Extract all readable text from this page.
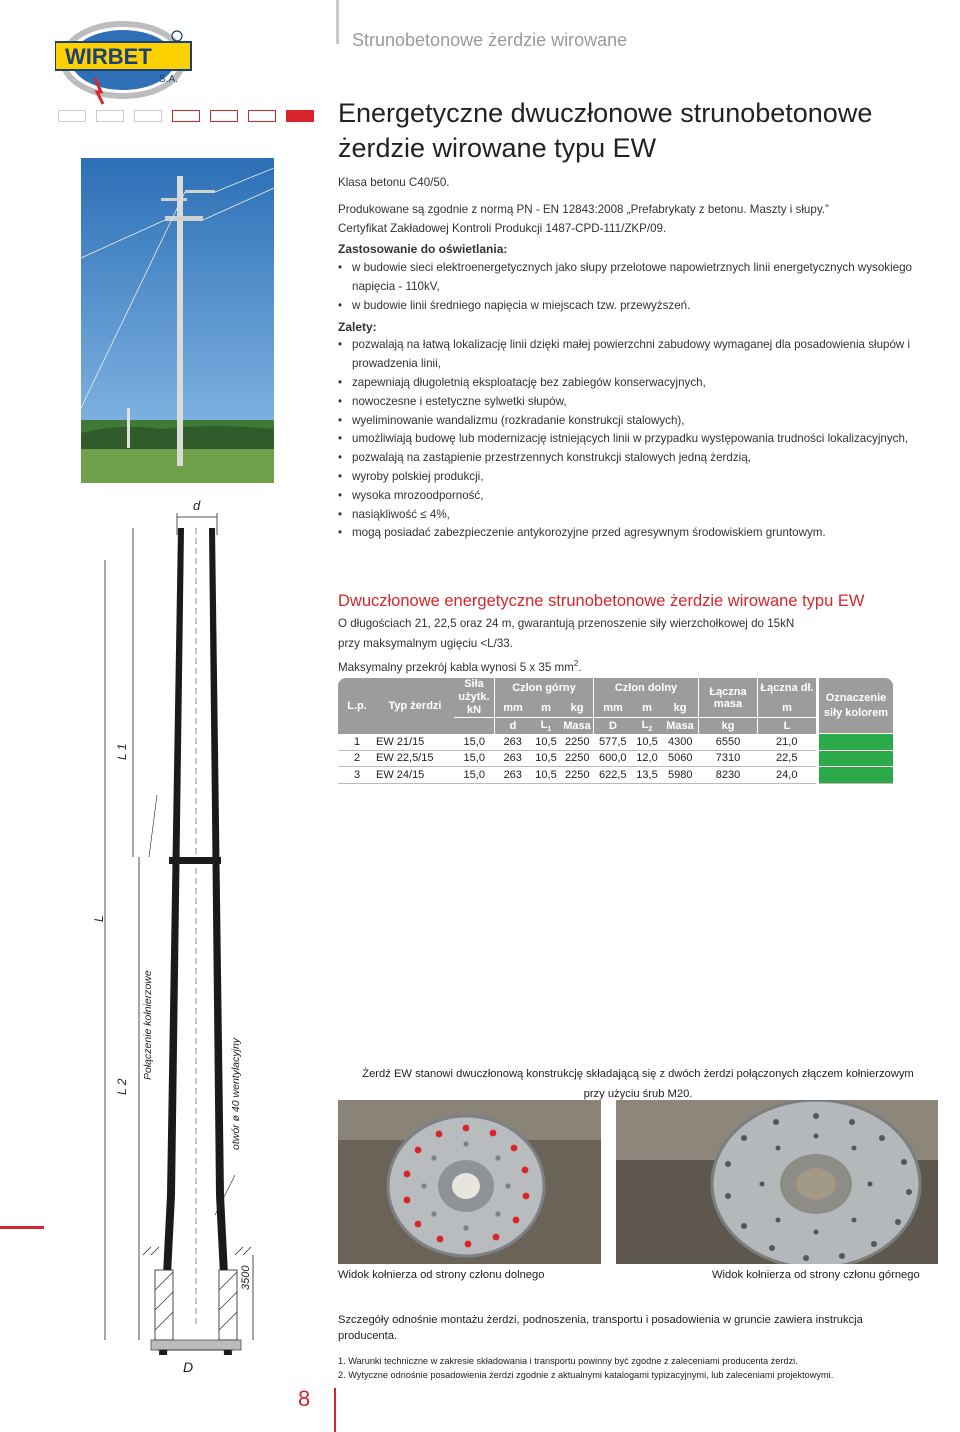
Strunobetonowe żerdzie wirowane
WIRBET
S.A.
Energetyczne dwuczłonowe strunobetonowe
żerdzie wirowane typu EW
Klasa betonu C40/50.
Produkowane są zgodnie z normą PN - EN 12843:2008 „Prefabrykaty z betonu. Maszty i słupy.”
Certyfikat Zakładowej Kontroli Produkcji 1487-CPD-111/ZKP/09.
Zastosowanie do oświetlania:
• w budowie sieci elektroenergetycznych jako słupy przelotowe napowietrznych linii energetycznych wysokiego napięcia - 110kV,
• w budowie linii średniego napięcia w miejscach tzw. przewyższeń.
Zalety:
• pozwalają na łatwą lokalizację linii dzięki małej powierzchni zabudowy wymaganej dla posadowienia słupów i prowadzenia linii,
• zapewniają długoletnią eksploatację bez zabiegów konserwacyjnych,
• nowoczesne i estetyczne sylwetki słupów,
• wyeliminowanie wandalizmu (rozkradanie konstrukcji stalowych),
• umożliwiają budowę lub modernizację istniejących linii w przypadku występowania trudności lokalizacyjnych,
• pozwalają na zastąpienie przestrzennych konstrukcji stalowych jedną żerdzią,
• wyroby polskiej produkcji,
• wysoka mrozoodporność,
• nasiąkliwość ≤ 4%,
• mogą posiadać zabezpieczenie antykorozyjne przed agresywnym środowiskiem gruntowym.
d
D
L 1
L
L 2
Połączenie kołnierzowe
otwór ø 40 wentylacyjny
3500
Dwuczłonowe energetyczne strunobetonowe żerdzie wirowane typu EW
O długościach 21, 22,5 oraz 24 m, gwarantują przenoszenie siły wierzchołkowej do 15kN
przy maksymalnym ugięciu <L/33.
Maksymalny przekrój kabla wynosi 5 x 35 $mm^2$.
L.p.	Typ żerdzi	Siła użytk. kN	Człon górny			Człon dolny			Łączna masa	Łączna dł.	Oznaczenie siły kolorem
			mm	m	kg	mm	m	kg		m	
			d	$L_1$	Masa	D	$L_2$	Masa	kg	L	
1	EW 21/15	15,0	263	10,5	2250	577,5	10,5	4300	6550	21,0	
2	EW 22,5/15	15,0	263	10,5	2250	600,0	12,0	5060	7310	22,5	
3	EW 24/15	15,0	263	10,5	2250	622,5	13,5	5980	8230	24,0	
Żerdź EW stanowi dwuczłonową konstrukcję składającą się z dwóch żerdzi połączonych złączem kołnierzowym
przy użyciu śrub M20.
Widok kołnierza od strony członu dolnego	Widok kołnierza od strony członu górnego
Szczegóły odnośnie montażu żerdzi, podnoszenia, transportu i posadowienia w gruncie zawiera instrukcja producenta.
1. Warunki techniczne w zakresie składowania i transportu powinny być zgodne z zaleceniami producenta żerdzi.
2. Wytyczne odnośnie posadowienia żerdzi zgodnie z aktualnymi katalogami typizacyjnymi, lub zaleceniami projektowymi.
8
